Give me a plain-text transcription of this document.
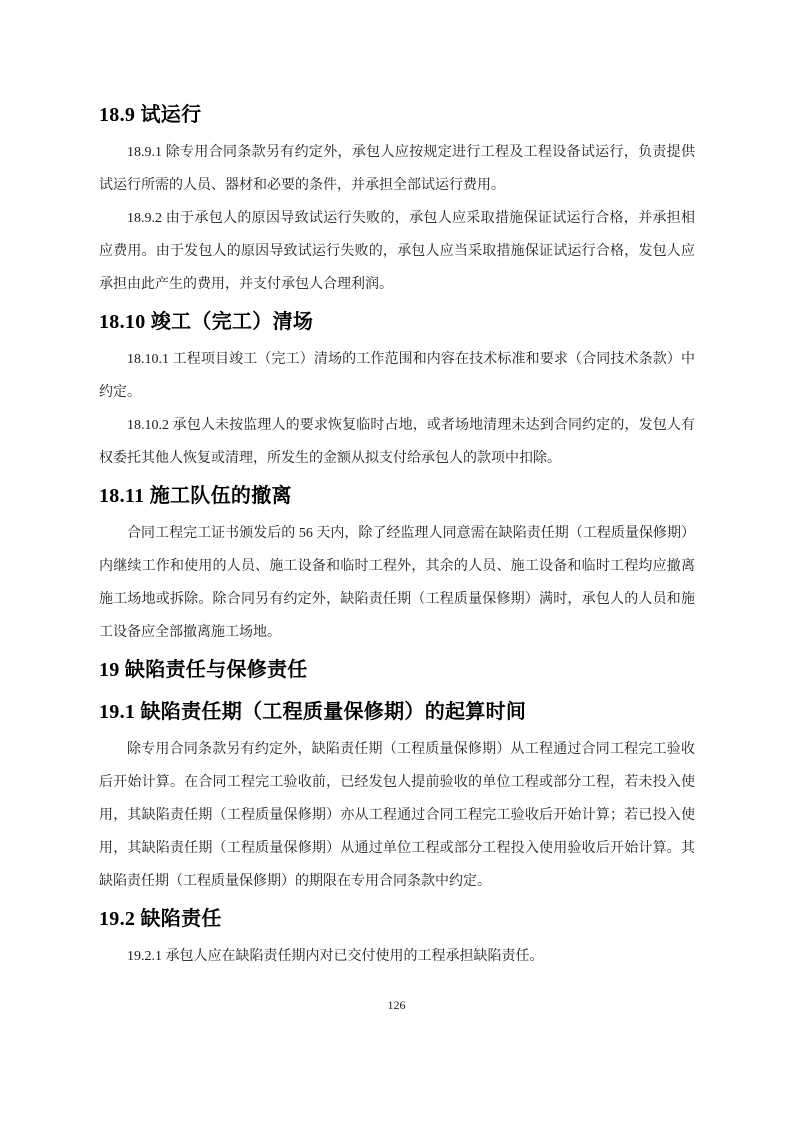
18.9 试运行
18.9.1 除专用合同条款另有约定外，承包人应按规定进行工程及工程设备试运行，负责提供试运行所需的人员、器材和必要的条件，并承担全部试运行费用。
18.9.2 由于承包人的原因导致试运行失败的，承包人应采取措施保证试运行合格，并承担相应费用。由于发包人的原因导致试运行失败的，承包人应当采取措施保证试运行合格，发包人应承担由此产生的费用，并支付承包人合理利润。
18.10 竣工（完工）清场
18.10.1 工程项目竣工（完工）清场的工作范围和内容在技术标准和要求（合同技术条款）中约定。
18.10.2 承包人未按监理人的要求恢复临时占地，或者场地清理未达到合同约定的，发包人有权委托其他人恢复或清理，所发生的金额从拟支付给承包人的款项中扣除。
18.11 施工队伍的撤离
合同工程完工证书颁发后的 56 天内，除了经监理人同意需在缺陷责任期（工程质量保修期）内继续工作和使用的人员、施工设备和临时工程外，其余的人员、施工设备和临时工程均应撤离施工场地或拆除。除合同另有约定外，缺陷责任期（工程质量保修期）满时，承包人的人员和施工设备应全部撤离施工场地。
19 缺陷责任与保修责任
19.1 缺陷责任期（工程质量保修期）的起算时间
除专用合同条款另有约定外，缺陷责任期（工程质量保修期）从工程通过合同工程完工验收后开始计算。在合同工程完工验收前，已经发包人提前验收的单位工程或部分工程，若未投入使用，其缺陷责任期（工程质量保修期）亦从工程通过合同工程完工验收后开始计算；若已投入使用，其缺陷责任期（工程质量保修期）从通过单位工程或部分工程投入使用验收后开始计算。其缺陷责任期（工程质量保修期）的期限在专用合同条款中约定。
19.2 缺陷责任
19.2.1 承包人应在缺陷责任期内对已交付使用的工程承担缺陷责任。
126
